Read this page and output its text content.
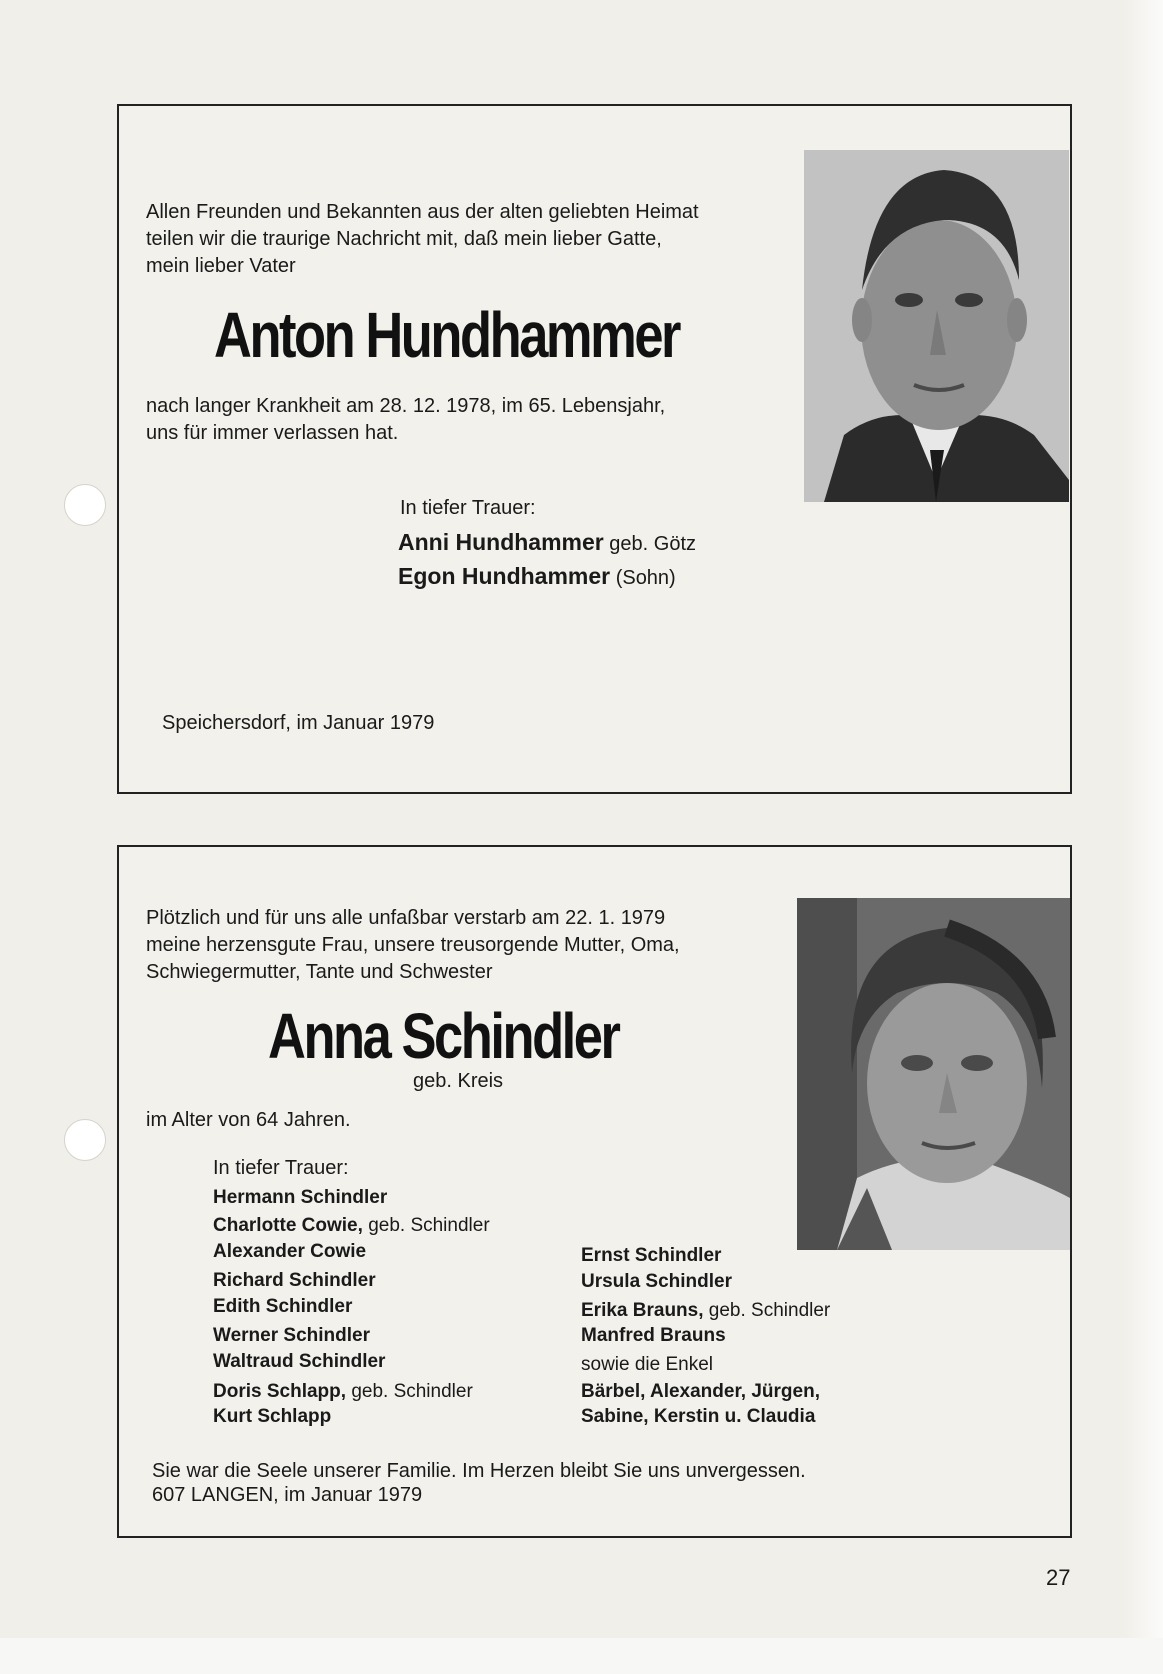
Allen Freunden und Bekannten aus der alten geliebten Heimat
teilen wir die traurige Nachricht mit, daß mein lieber Gatte,
mein lieber Vater
Anton Hundhammer
nach langer Krankheit am 28. 12. 1978, im 65. Lebensjahr,
uns für immer verlassen hat.
In tiefer Trauer:
Anni Hundhammer geb. Götz
Egon Hundhammer (Sohn)
Speichersdorf, im Januar 1979
Plötzlich und für uns alle unfaßbar verstarb am 22. 1. 1979
meine herzensgute Frau, unsere treusorgende Mutter, Oma,
Schwiegermutter, Tante und Schwester
Anna Schindler
geb. Kreis
im Alter von 64 Jahren.
In tiefer Trauer:
Hermann Schindler
Charlotte Cowie, geb. Schindler
Alexander Cowie
Richard Schindler
Edith Schindler
Werner Schindler
Waltraud Schindler
Doris Schlapp, geb. Schindler
Kurt Schlapp
Ernst Schindler
Ursula Schindler
Erika Brauns, geb. Schindler
Manfred Brauns
sowie die Enkel
Bärbel, Alexander, Jürgen,
Sabine, Kerstin u. Claudia
Sie war die Seele unserer Familie. Im Herzen bleibt Sie uns unvergessen.
607 LANGEN, im Januar 1979
27
